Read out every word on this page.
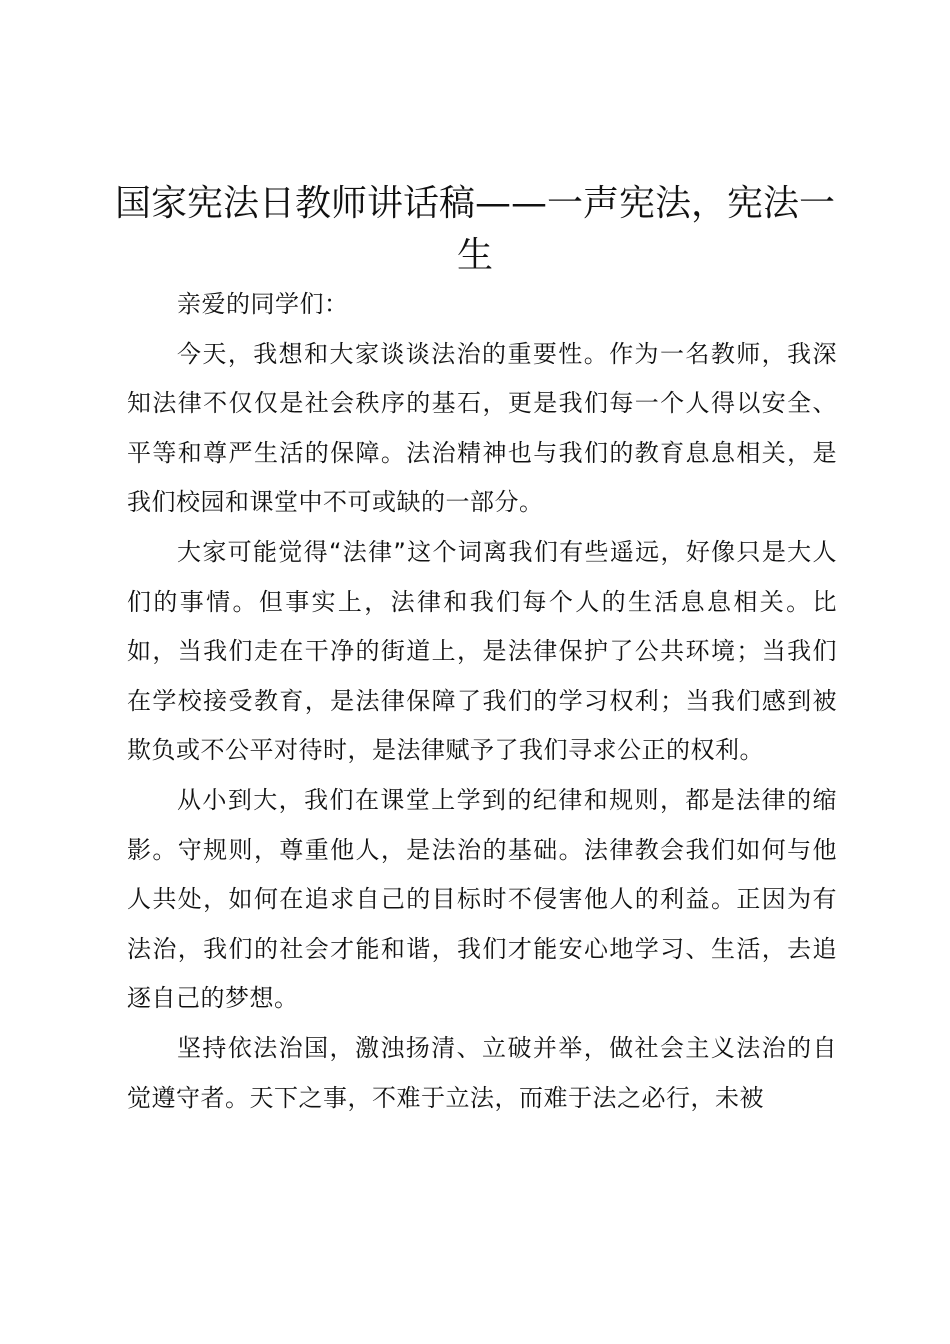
国家宪法日教师讲话稿——一声宪法，宪法一生

亲爱的同学们：

今天，我想和大家谈谈法治的重要性。作为一名教师，我深知法律不仅仅是社会秩序的基石，更是我们每一个人得以安全、平等和尊严生活的保障。法治精神也与我们的教育息息相关，是我们校园和课堂中不可或缺的一部分。

大家可能觉得“法律”这个词离我们有些遥远，好像只是大人们的事情。但事实上，法律和我们每个人的生活息息相关。比如，当我们走在干净的街道上，是法律保护了公共环境；当我们在学校接受教育，是法律保障了我们的学习权利；当我们感到被欺负或不公平对待时，是法律赋予了我们寻求公正的权利。

从小到大，我们在课堂上学到的纪律和规则，都是法律的缩影。守规则，尊重他人，是法治的基础。法律教会我们如何与他人共处，如何在追求自己的目标时不侵害他人的利益。正因为有法治，我们的社会才能和谐，我们才能安心地学习、生活，去追逐自己的梦想。

坚持依法治国，激浊扬清、立破并举，做社会主义法治的自觉遵守者。天下之事，不难于立法，而难于法之必行，未被
